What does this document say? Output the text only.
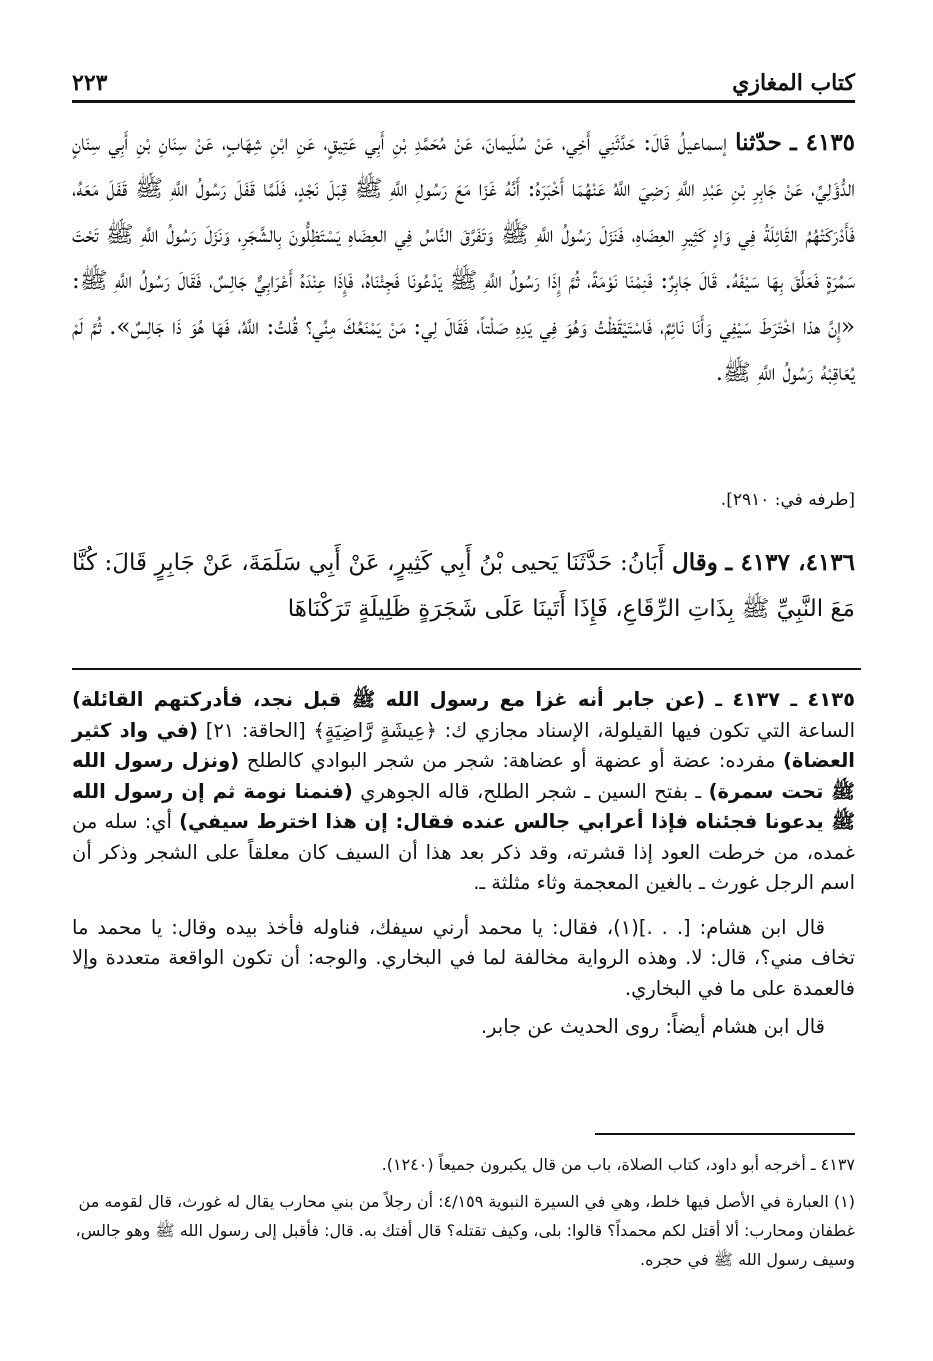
كتاب المغازي
٢٢٣
٤١٣٥ ـ حدّثنا إسماعيلُ قَالَ: حَدَّثَنِي أَخِي، عَنْ سُلَيمانَ، عَنْ مُحَمَّدِ بْنِ أَبِي عَتِيقٍ، عَنِ ابْنِ شِهَابٍ، عَنْ سِنَانِ بْنِ أَبِي سِنَانٍ الدُّؤَلِيِّ، عَنْ جَابِرِ بْنِ عَبْدِ اللَّهِ رَضِيَ اللَّهُ عَنْهُمَا أَخْبَرَهُ: أَنَّهُ غَزَا مَعَ رَسُولِ اللَّهِ ﷺ قِبَلَ نَجْدٍ، فَلَمَّا قَفَلَ رَسُولُ اللَّهِ ﷺ قَفَلَ مَعَهُ، فَأَدْرَكَتْهُمُ القَائِلَةُ فِي وَادٍ كَثِيرِ العِضَاهِ، فَنَزَلَ رَسُولُ اللَّهِ ﷺ وَتَفَرَّقَ النَّاسُ فِي العِضَاهِ يَسْتَظِلُّونَ بِالشَّجَرِ، وَنَزَلَ رَسُولُ اللَّهِ ﷺ تَحْتَ سَمُرَةٍ فَعَلَّقَ بِهَا سَيْفَهُ. قَالَ جَابِرٌ: فَنِمْنَا نَوْمَةً، ثُمَّ إِذَا رَسُولُ اللَّهِ ﷺ يَدْعُونَا فَجِئْنَاهُ، فَإِذَا عِنْدَهُ أَعْرَابِيٌّ جَالِسٌ، فَقَالَ رَسُولُ اللَّهِ ﷺ: «إِنَّ هذا اخْتَرَطَ سَيْفِي وَأَنَا نَائِمٌ، فَاسْتَيْقَظْتُ وَهُوَ فِي يَدِهِ صَلْتاً، فَقَالَ لِي: مَنْ يَمْنَعُكَ مِنِّي؟ قُلتُ: اللَّهُ، فَهَا هُوَ ذَا جَالِسٌ». ثُمَّ لَمْ يُعَاقِبْهُ رَسُولُ اللَّهِ ﷺ.
[طرفه في: ٢٩١٠].
٤١٣٦، ٤١٣٧ ـ وقال أَبَانُ: حَدَّثَنَا يَحيى بْنُ أَبِي كَثِيرٍ، عَنْ أَبِي سَلَمَةَ، عَنْ جَابِرٍ قَالَ: كُنَّا مَعَ النَّبِيِّ ﷺ بِذَاتِ الرِّقَاعِ، فَإِذَا أَتَينَا عَلَى شَجَرَةٍ ظَلِيلَةٍ تَرَكْنَاهَا

٤١٣٥ ـ ٤١٣٧ ـ (عن جابر أنه غزا مع رسول الله ﷺ قبل نجد، فأدركتهم القائلة) الساعة التي تكون فيها القيلولة، الإسناد مجازي ك: ﴿عِيشَةٍ رَّاضِيَةٍ﴾ [الحاقة: ٢١] (في واد كثير العضاة) مفرده: عضة أو عضهة أو عضاهة: شجر من شجر البوادي كالطلح (ونزل رسول الله ﷺ تحت سمرة) ـ بفتح السين ـ شجر الطلح، قاله الجوهري (فنمنا نومة ثم إن رسول الله ﷺ يدعونا فجئناه فإذا أعرابي جالس عنده فقال: إن هذا اخترط سيفي) أي: سله من غمده، من خرطت العود إذا قشرته، وقد ذكر بعد هذا أن السيف كان معلقاً على الشجر وذكر أن اسم الرجل غورث ـ بالغين المعجمة وثاء مثلثة ـ.

قال ابن هشام: [. . .](١)، فقال: يا محمد أرني سيفك، فناوله فأخذ بيده وقال: يا محمد ما تخاف مني؟، قال: لا. وهذه الرواية مخالفة لما في البخاري. والوجه: أن تكون الواقعة متعددة وإلا فالعمدة على ما في البخاري.

قال ابن هشام أيضاً: روى الحديث عن جابر.

٤١٣٧ ـ أخرجه أبو داود، كتاب الصلاة، باب من قال يكبرون جميعاً (١٢٤٠).

(١) العبارة في الأصل فيها خلط، وهي في السيرة النبوية ٤/١٥٩: أن رجلاً من بني محارب يقال له غورث، قال لقومه من غطفان ومحارب: ألا أقتل لكم محمداً؟ قالوا: بلى، وكيف تقتله؟ قال أفتك به. قال: فأقبل إلى رسول الله ﷺ وهو جالس، وسيف رسول الله ﷺ في حجره.
